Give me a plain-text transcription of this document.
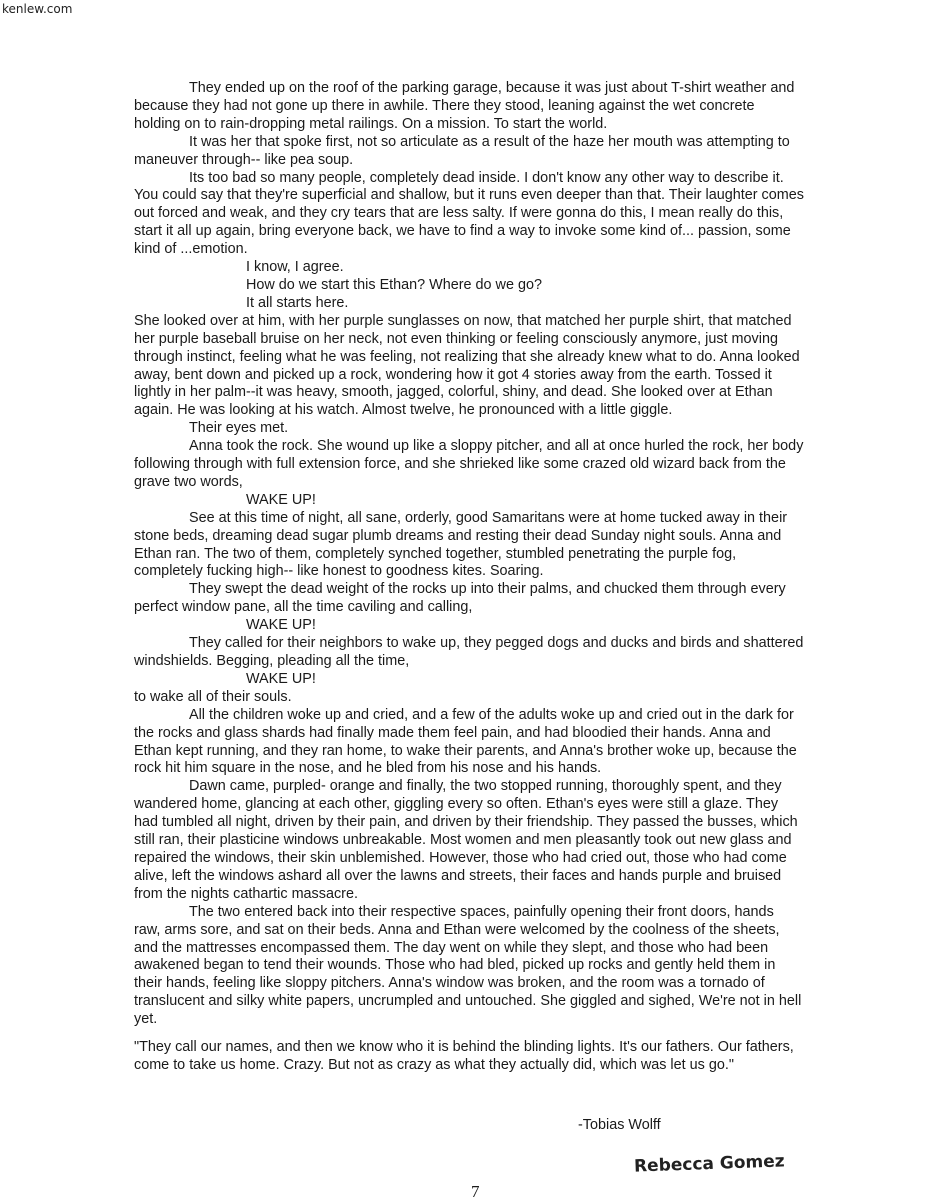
kenlew.com

They ended up on the roof of the parking garage, because it was just about T-shirt weather and because they had not gone up there in awhile. There they stood, leaning against the wet concrete holding on to rain-dropping metal railings. On a mission. To start the world.

It was her that spoke first, not so articulate as a result of the haze her mouth was attempting to maneuver through-- like pea soup.

Its too bad so many people, completely dead inside. I don't know any other way to describe it. You could say that they're superficial and shallow, but it runs even deeper than that. Their laughter comes out forced and weak, and they cry tears that are less salty. If were gonna do this, I mean really do this, start it all up again, bring everyone back, we have to find a way to invoke some kind of... passion, some kind of ...emotion.

I know, I agree.

How do we start this Ethan? Where do we go?

It all starts here.

She looked over at him, with her purple sunglasses on now, that matched her purple shirt, that matched her purple baseball bruise on her neck, not even thinking or feeling consciously anymore, just moving through instinct, feeling what he was feeling, not realizing that she already knew what to do. Anna looked away, bent down and picked up a rock, wondering how it got 4 stories away from the earth. Tossed it lightly in her palm--it was heavy, smooth, jagged, colorful, shiny, and dead. She looked over at Ethan again. He was looking at his watch. Almost twelve, he pronounced with a little giggle.

Their eyes met.

Anna took the rock. She wound up like a sloppy pitcher, and all at once hurled the rock, her body following through with full extension force, and she shrieked like some crazed old wizard back from the grave two words,

WAKE UP!

See at this time of night, all sane, orderly, good Samaritans were at home tucked away in their stone beds, dreaming dead sugar plumb dreams and resting their dead Sunday night souls. Anna and Ethan ran. The two of them, completely synched together, stumbled penetrating the purple fog, completely fucking high-- like honest to goodness kites. Soaring.

They swept the dead weight of the rocks up into their palms, and chucked them through every perfect window pane, all the time caviling and calling,

WAKE UP!

They called for their neighbors to wake up, they pegged dogs and ducks and birds and shattered windshields. Begging, pleading all the time,

WAKE UP!

to wake all of their souls.

All the children woke up and cried, and a few of the adults woke up and cried out in the dark for the rocks and glass shards had finally made them feel pain, and had bloodied their hands. Anna and Ethan kept running, and they ran home, to wake their parents, and Anna's brother woke up, because the rock hit him square in the nose, and he bled from his nose and his hands.

Dawn came, purpled- orange and finally, the two stopped running, thoroughly spent, and they wandered home, glancing at each other, giggling every so often. Ethan's eyes were still a glaze. They had tumbled all night, driven by their pain, and driven by their friendship. They passed the busses, which still ran, their plasticine windows unbreakable. Most women and men pleasantly took out new glass and repaired the windows, their skin unblemished. However, those who had cried out, those who had come alive, left the windows ashard all over the lawns and streets, their faces and hands purple and bruised from the nights cathartic massacre.

The two entered back into their respective spaces, painfully opening their front doors, hands raw, arms sore, and sat on their beds. Anna and Ethan were welcomed by the coolness of the sheets, and the mattresses encompassed them. The day went on while they slept, and those who had been awakened began to tend their wounds. Those who had bled, picked up rocks and gently held them in their hands, feeling like sloppy pitchers. Anna's window was broken, and the room was a tornado of translucent and silky white papers, uncrumpled and untouched. She giggled and sighed, We're not in hell yet.

"They call our names, and then we know who it is behind the blinding lights. It's our fathers. Our fathers, come to take us home. Crazy. But not as crazy as what they actually did, which was let us go."

-Tobias Wolff
Rebecca Gomez
7
